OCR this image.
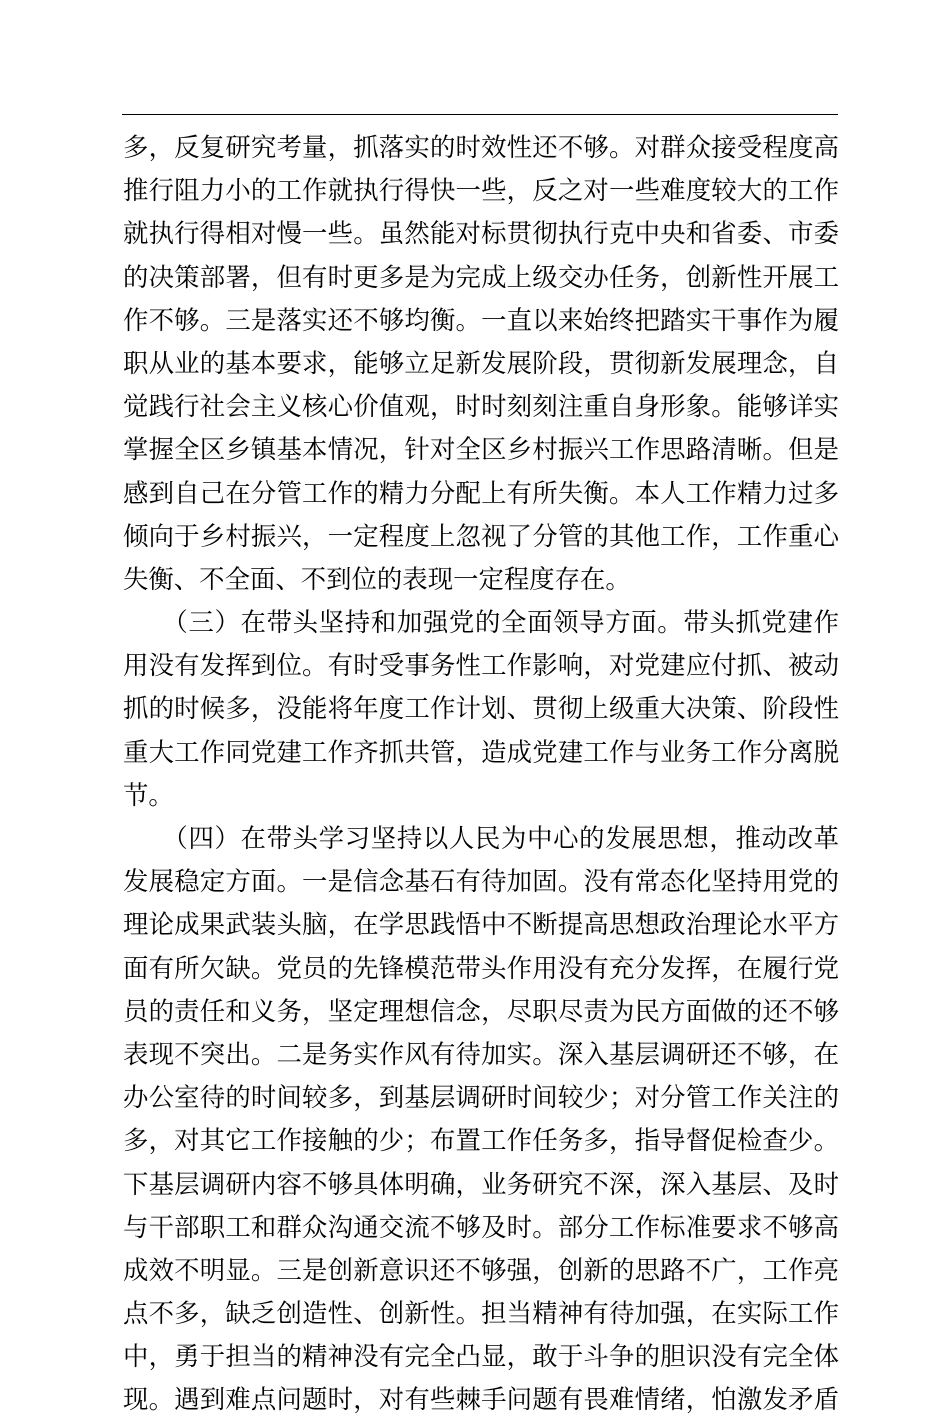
多，反复研究考量，抓落实的时效性还不够。对群众接受程度高
推行阻力小的工作就执行得快一些，反之对一些难度较大的工作
就执行得相对慢一些。虽然能对标贯彻执行克中央和省委、市委
的决策部署，但有时更多是为完成上级交办任务，创新性开展工
作不够。三是落实还不够均衡。一直以来始终把踏实干事作为履
职从业的基本要求，能够立足新发展阶段，贯彻新发展理念，自
觉践行社会主义核心价值观，时时刻刻注重自身形象。能够详实
掌握全区乡镇基本情况，针对全区乡村振兴工作思路清晰。但是
感到自己在分管工作的精力分配上有所失衡。本人工作精力过多
倾向于乡村振兴，一定程度上忽视了分管的其他工作，工作重心
失衡、不全面、不到位的表现一定程度存在。
　　（三）在带头坚持和加强党的全面领导方面。带头抓党建作
用没有发挥到位。有时受事务性工作影响，对党建应付抓、被动
抓的时候多，没能将年度工作计划、贯彻上级重大决策、阶段性
重大工作同党建工作齐抓共管，造成党建工作与业务工作分离脱
节。
　　（四）在带头学习坚持以人民为中心的发展思想，推动改革
发展稳定方面。一是信念基石有待加固。没有常态化坚持用党的
理论成果武装头脑，在学思践悟中不断提高思想政治理论水平方
面有所欠缺。党员的先锋模范带头作用没有充分发挥，在履行党
员的责任和义务，坚定理想信念，尽职尽责为民方面做的还不够
表现不突出。二是务实作风有待加实。深入基层调研还不够，在
办公室待的时间较多，到基层调研时间较少；对分管工作关注的
多，对其它工作接触的少；布置工作任务多，指导督促检查少。
下基层调研内容不够具体明确，业务研究不深，深入基层、及时
与干部职工和群众沟通交流不够及时。部分工作标准要求不够高
成效不明显。三是创新意识还不够强，创新的思路不广，工作亮
点不多，缺乏创造性、创新性。担当精神有待加强，在实际工作
中，勇于担当的精神没有完全凸显，敢于斗争的胆识没有完全体
现。遇到难点问题时，对有些棘手问题有畏难情绪，怕激发矛盾
